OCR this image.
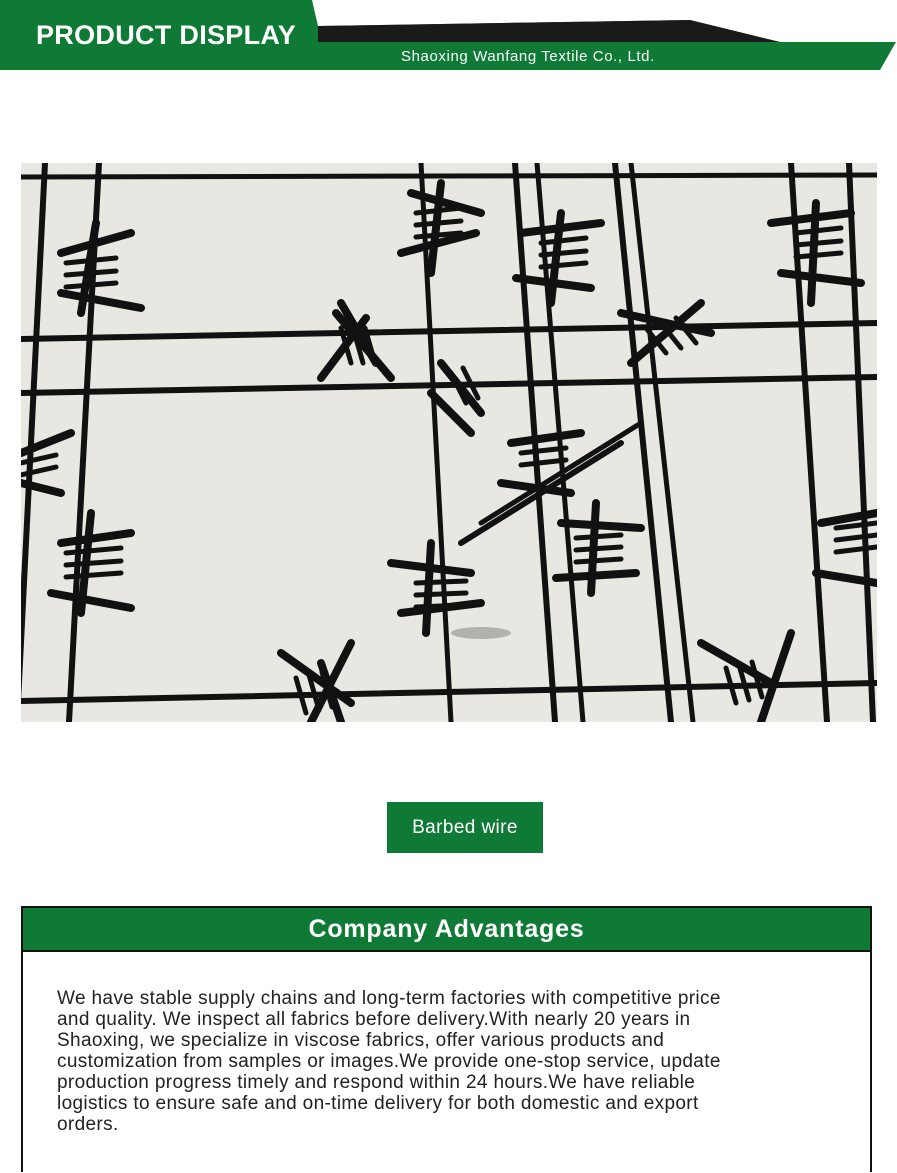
PRODUCT DISPLAY
Shaoxing Wanfang Textile Co., Ltd.
Barbed wire
Company Advantages
We have stable supply chains and long-term factories with competitive price
and quality. We inspect all fabrics before delivery.With nearly 20 years in
Shaoxing, we specialize in viscose fabrics, offer various products and
customization from samples or images.We provide one-stop service, update
production progress timely and respond within 24 hours.We have reliable
logistics to ensure safe and on-time delivery for both domestic and export
orders.
